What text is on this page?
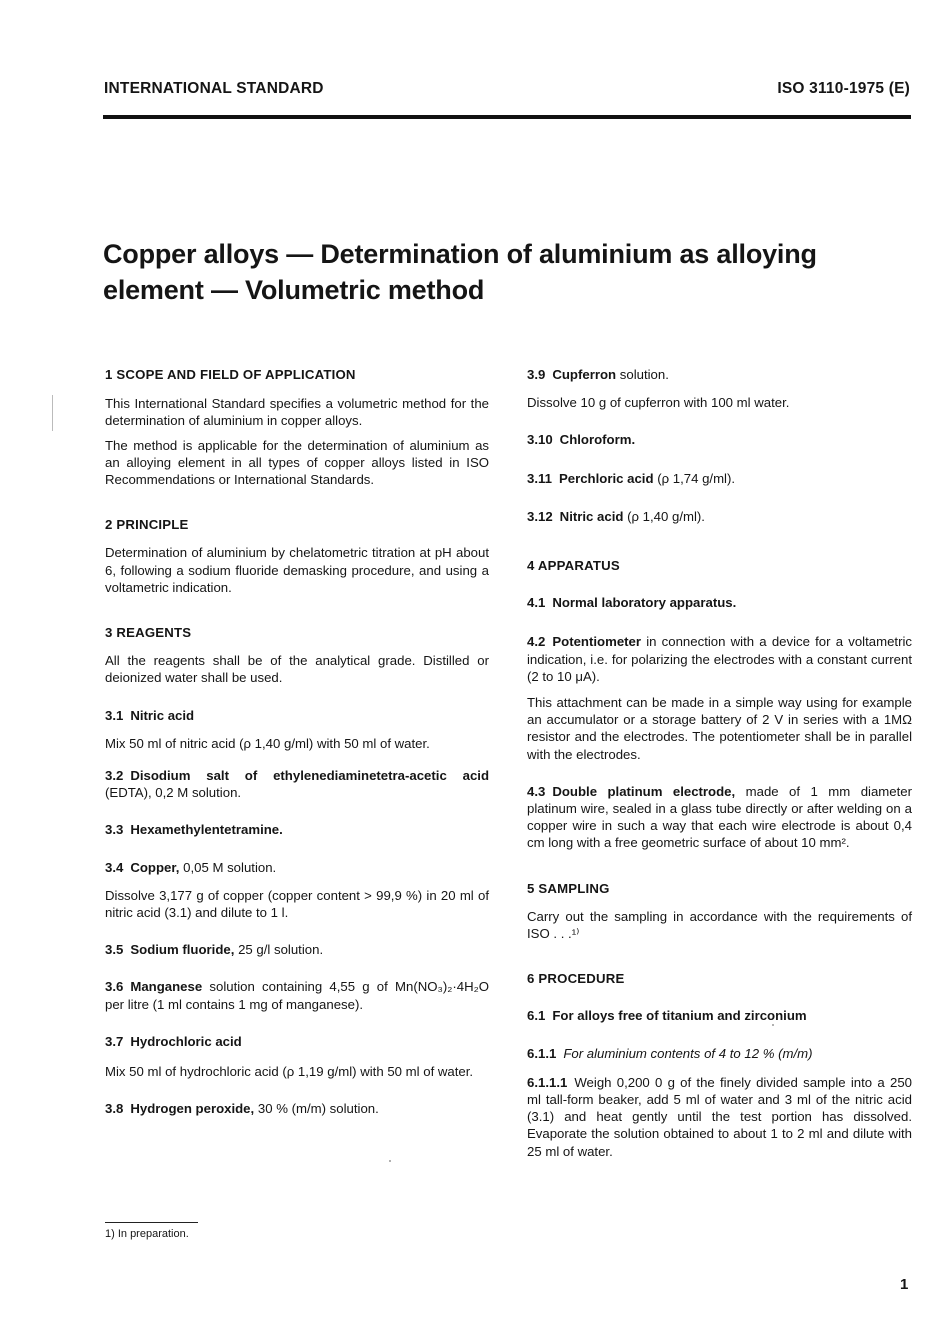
INTERNATIONAL STANDARD	ISO 3110-1975 (E)
Copper alloys — Determination of aluminium as alloying
element — Volumetric method

1 SCOPE AND FIELD OF APPLICATION

This International Standard specifies a volumetric method for the determination of aluminium in copper alloys.

The method is applicable for the determination of aluminium as an alloying element in all types of copper alloys listed in ISO Recommendations or International Standards.

2 PRINCIPLE

Determination of aluminium by chelatometric titration at pH about 6, following a sodium fluoride demasking procedure, and using a voltametric indication.

3 REAGENTS

All the reagents shall be of the analytical grade. Distilled or deionized water shall be used.

3.1 Nitric acid

Mix 50 ml of nitric acid (ρ 1,40 g/ml) with 50 ml of water.

3.2 Disodium salt of ethylenediaminetetra-acetic acid (EDTA), 0,2 M solution.

3.3 Hexamethylentetramine.

3.4 Copper, 0,05 M solution.

Dissolve 3,177 g of copper (copper content > 99,9 %) in 20 ml of nitric acid (3.1) and dilute to 1 l.

3.5 Sodium fluoride, 25 g/l solution.

3.6 Manganese solution containing 4,55 g of Mn(NO₃)₂·4H₂O per litre (1 ml contains 1 mg of manganese).

3.7 Hydrochloric acid

Mix 50 ml of hydrochloric acid (ρ 1,19 g/ml) with 50 ml of water.

3.8 Hydrogen peroxide, 30 % (m/m) solution.

3.9 Cupferron solution.

Dissolve 10 g of cupferron with 100 ml water.

3.10 Chloroform.

3.11 Perchloric acid (ρ 1,74 g/ml).

3.12 Nitric acid (ρ 1,40 g/ml).

4 APPARATUS

4.1 Normal laboratory apparatus.

4.2 Potentiometer in connection with a device for a voltametric indication, i.e. for polarizing the electrodes with a constant current (2 to 10 μA).

This attachment can be made in a simple way using for example an accumulator or a storage battery of 2 V in series with a 1MΩ resistor and the electrodes. The potentiometer shall be in parallel with the electrodes.

4.3 Double platinum electrode, made of 1 mm diameter platinum wire, sealed in a glass tube directly or after welding on a copper wire in such a way that each wire electrode is about 0,4 cm long with a free geometric surface of about 10 mm².

5 SAMPLING

Carry out the sampling in accordance with the requirements of ISO . . .¹⁾

6 PROCEDURE

6.1 For alloys free of titanium and zirconium

6.1.1 For aluminium contents of 4 to 12 % (m/m)

6.1.1.1 Weigh 0,200 0 g of the finely divided sample into a 250 ml tall-form beaker, add 5 ml of water and 3 ml of the nitric acid (3.1) and heat gently until the test portion has dissolved. Evaporate the solution obtained to about 1 to 2 ml and dilute with 25 ml of water.

1) In preparation.
1
